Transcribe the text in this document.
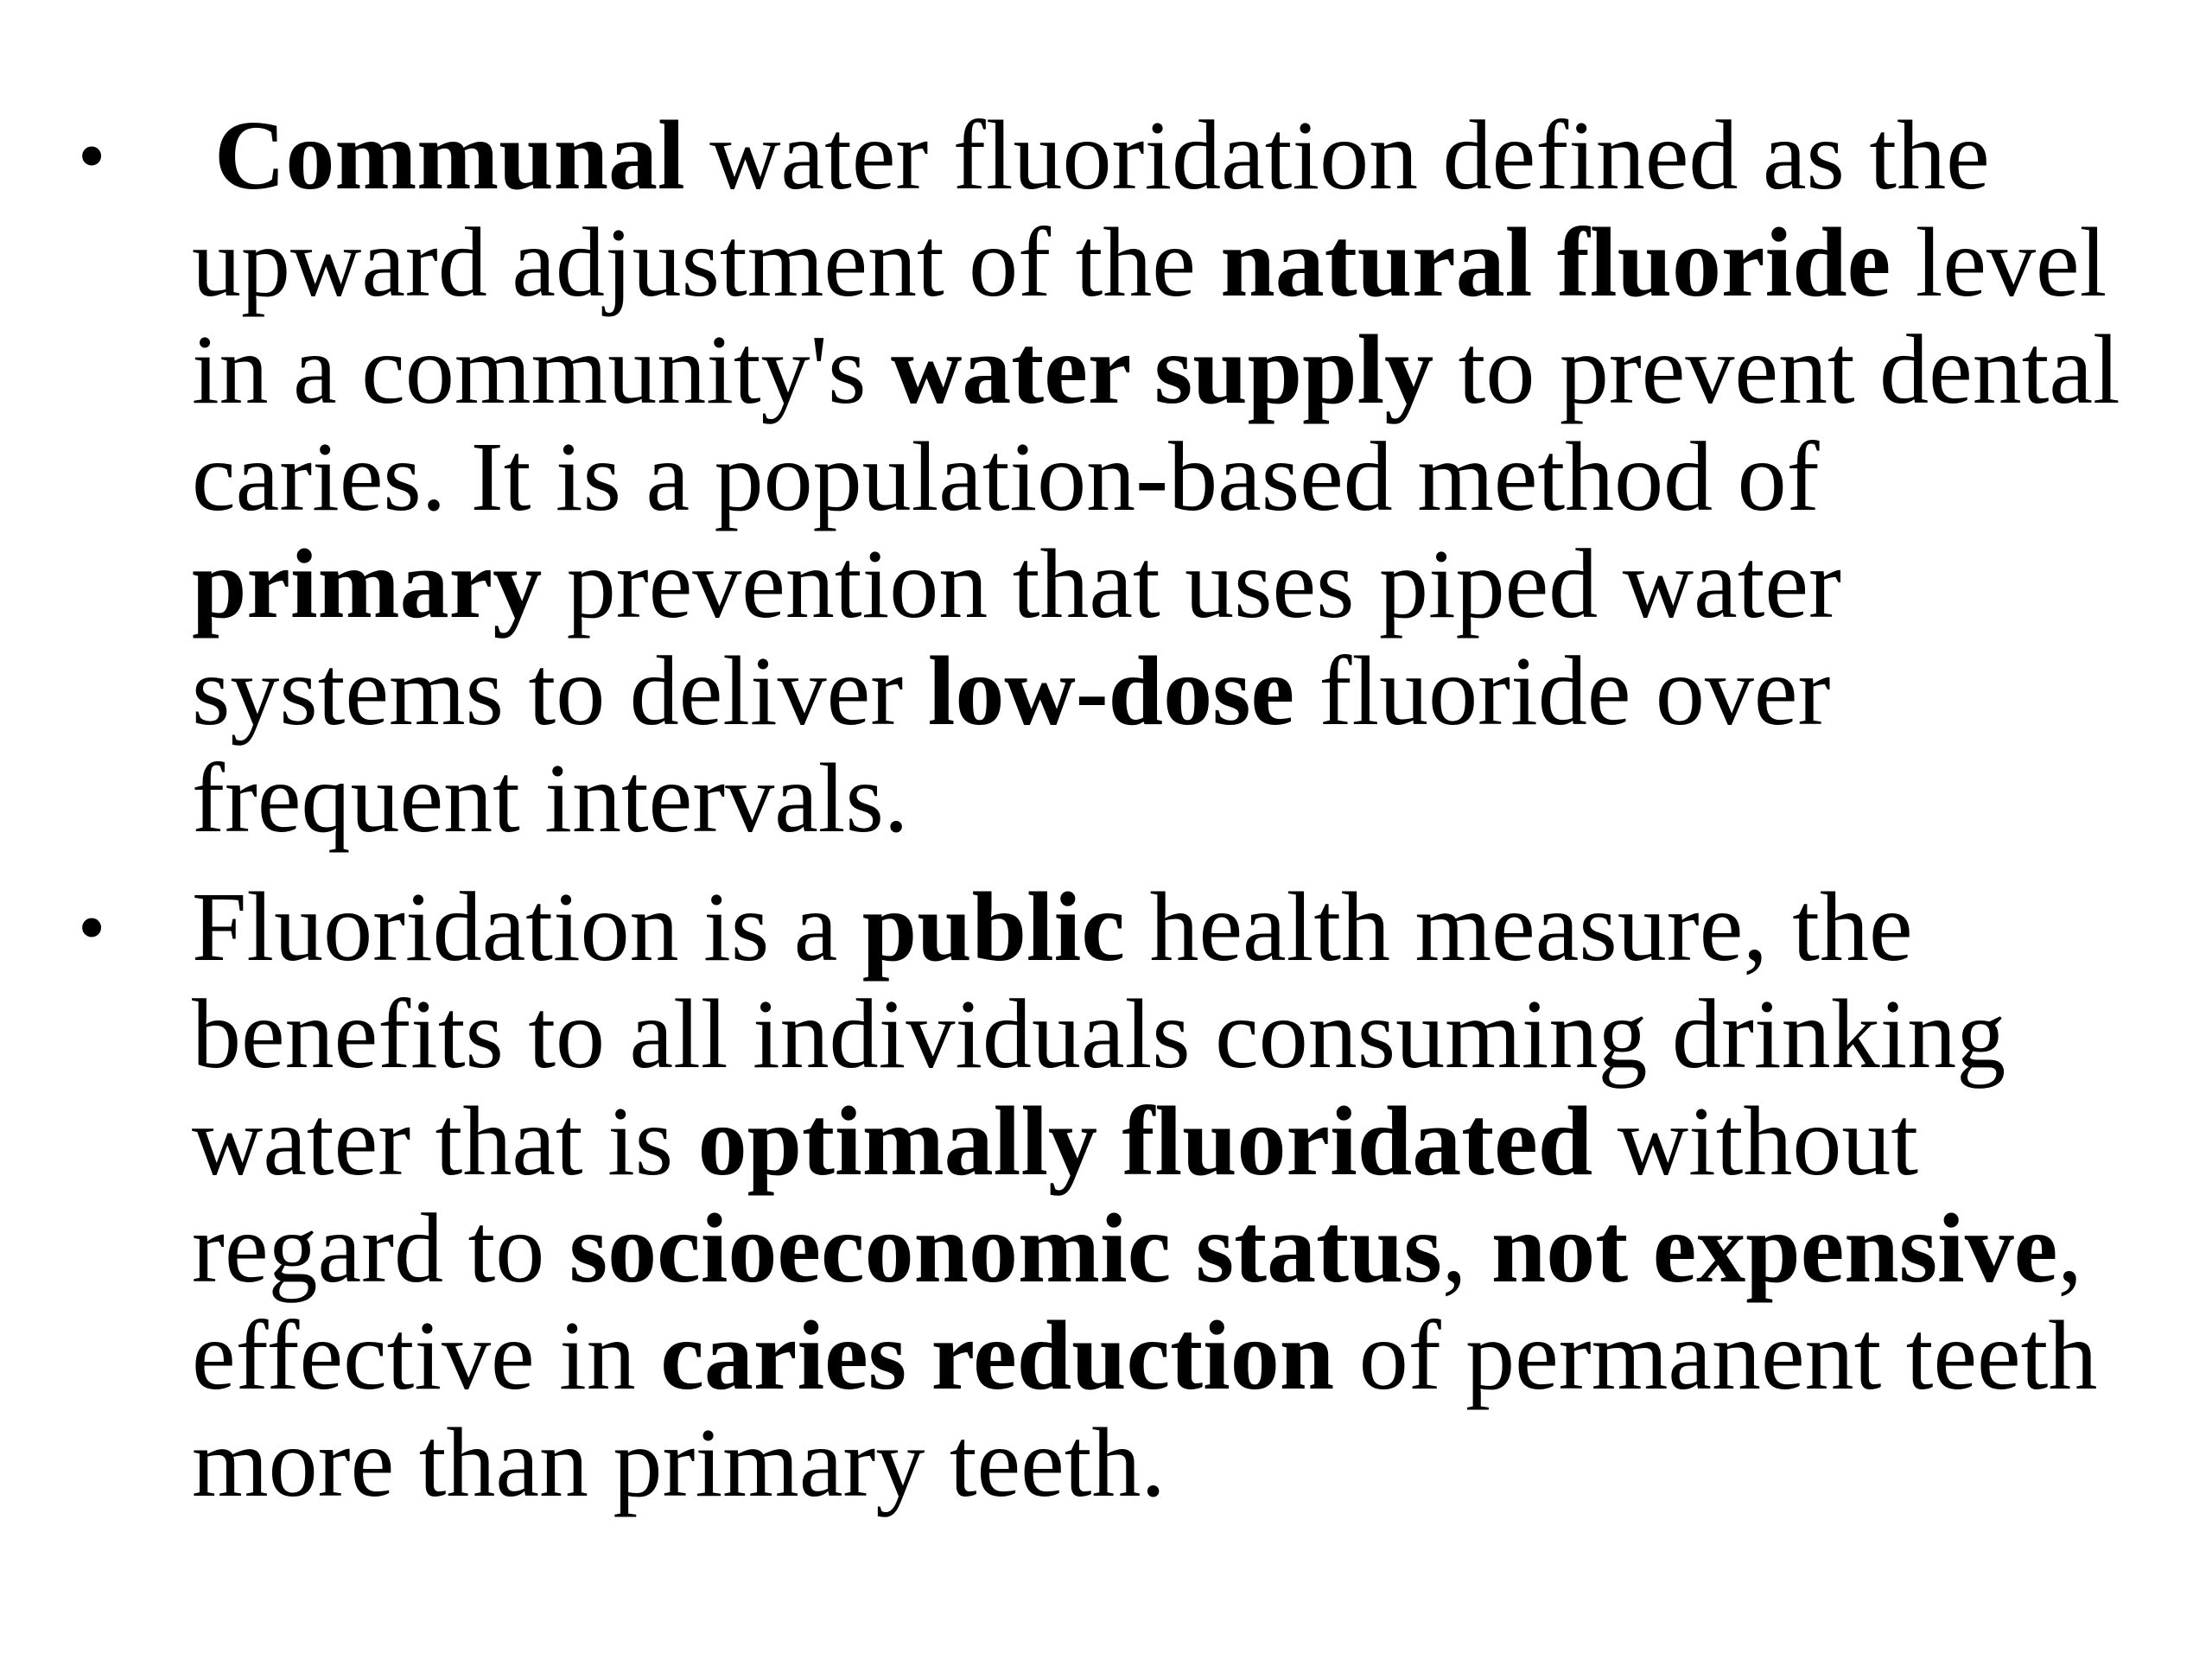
• Communal water fluoridation defined as the upward adjustment of the natural fluoride level in a community's water supply to prevent dental caries. It is a population-based method of primary prevention that uses piped water systems to deliver low-dose fluoride over frequent intervals.
• Fluoridation is a public health measure, the benefits to all individuals consuming drinking water that is optimally fluoridated without regard to socioeconomic status, not expensive, effective in caries reduction of permanent teeth more than primary teeth.
